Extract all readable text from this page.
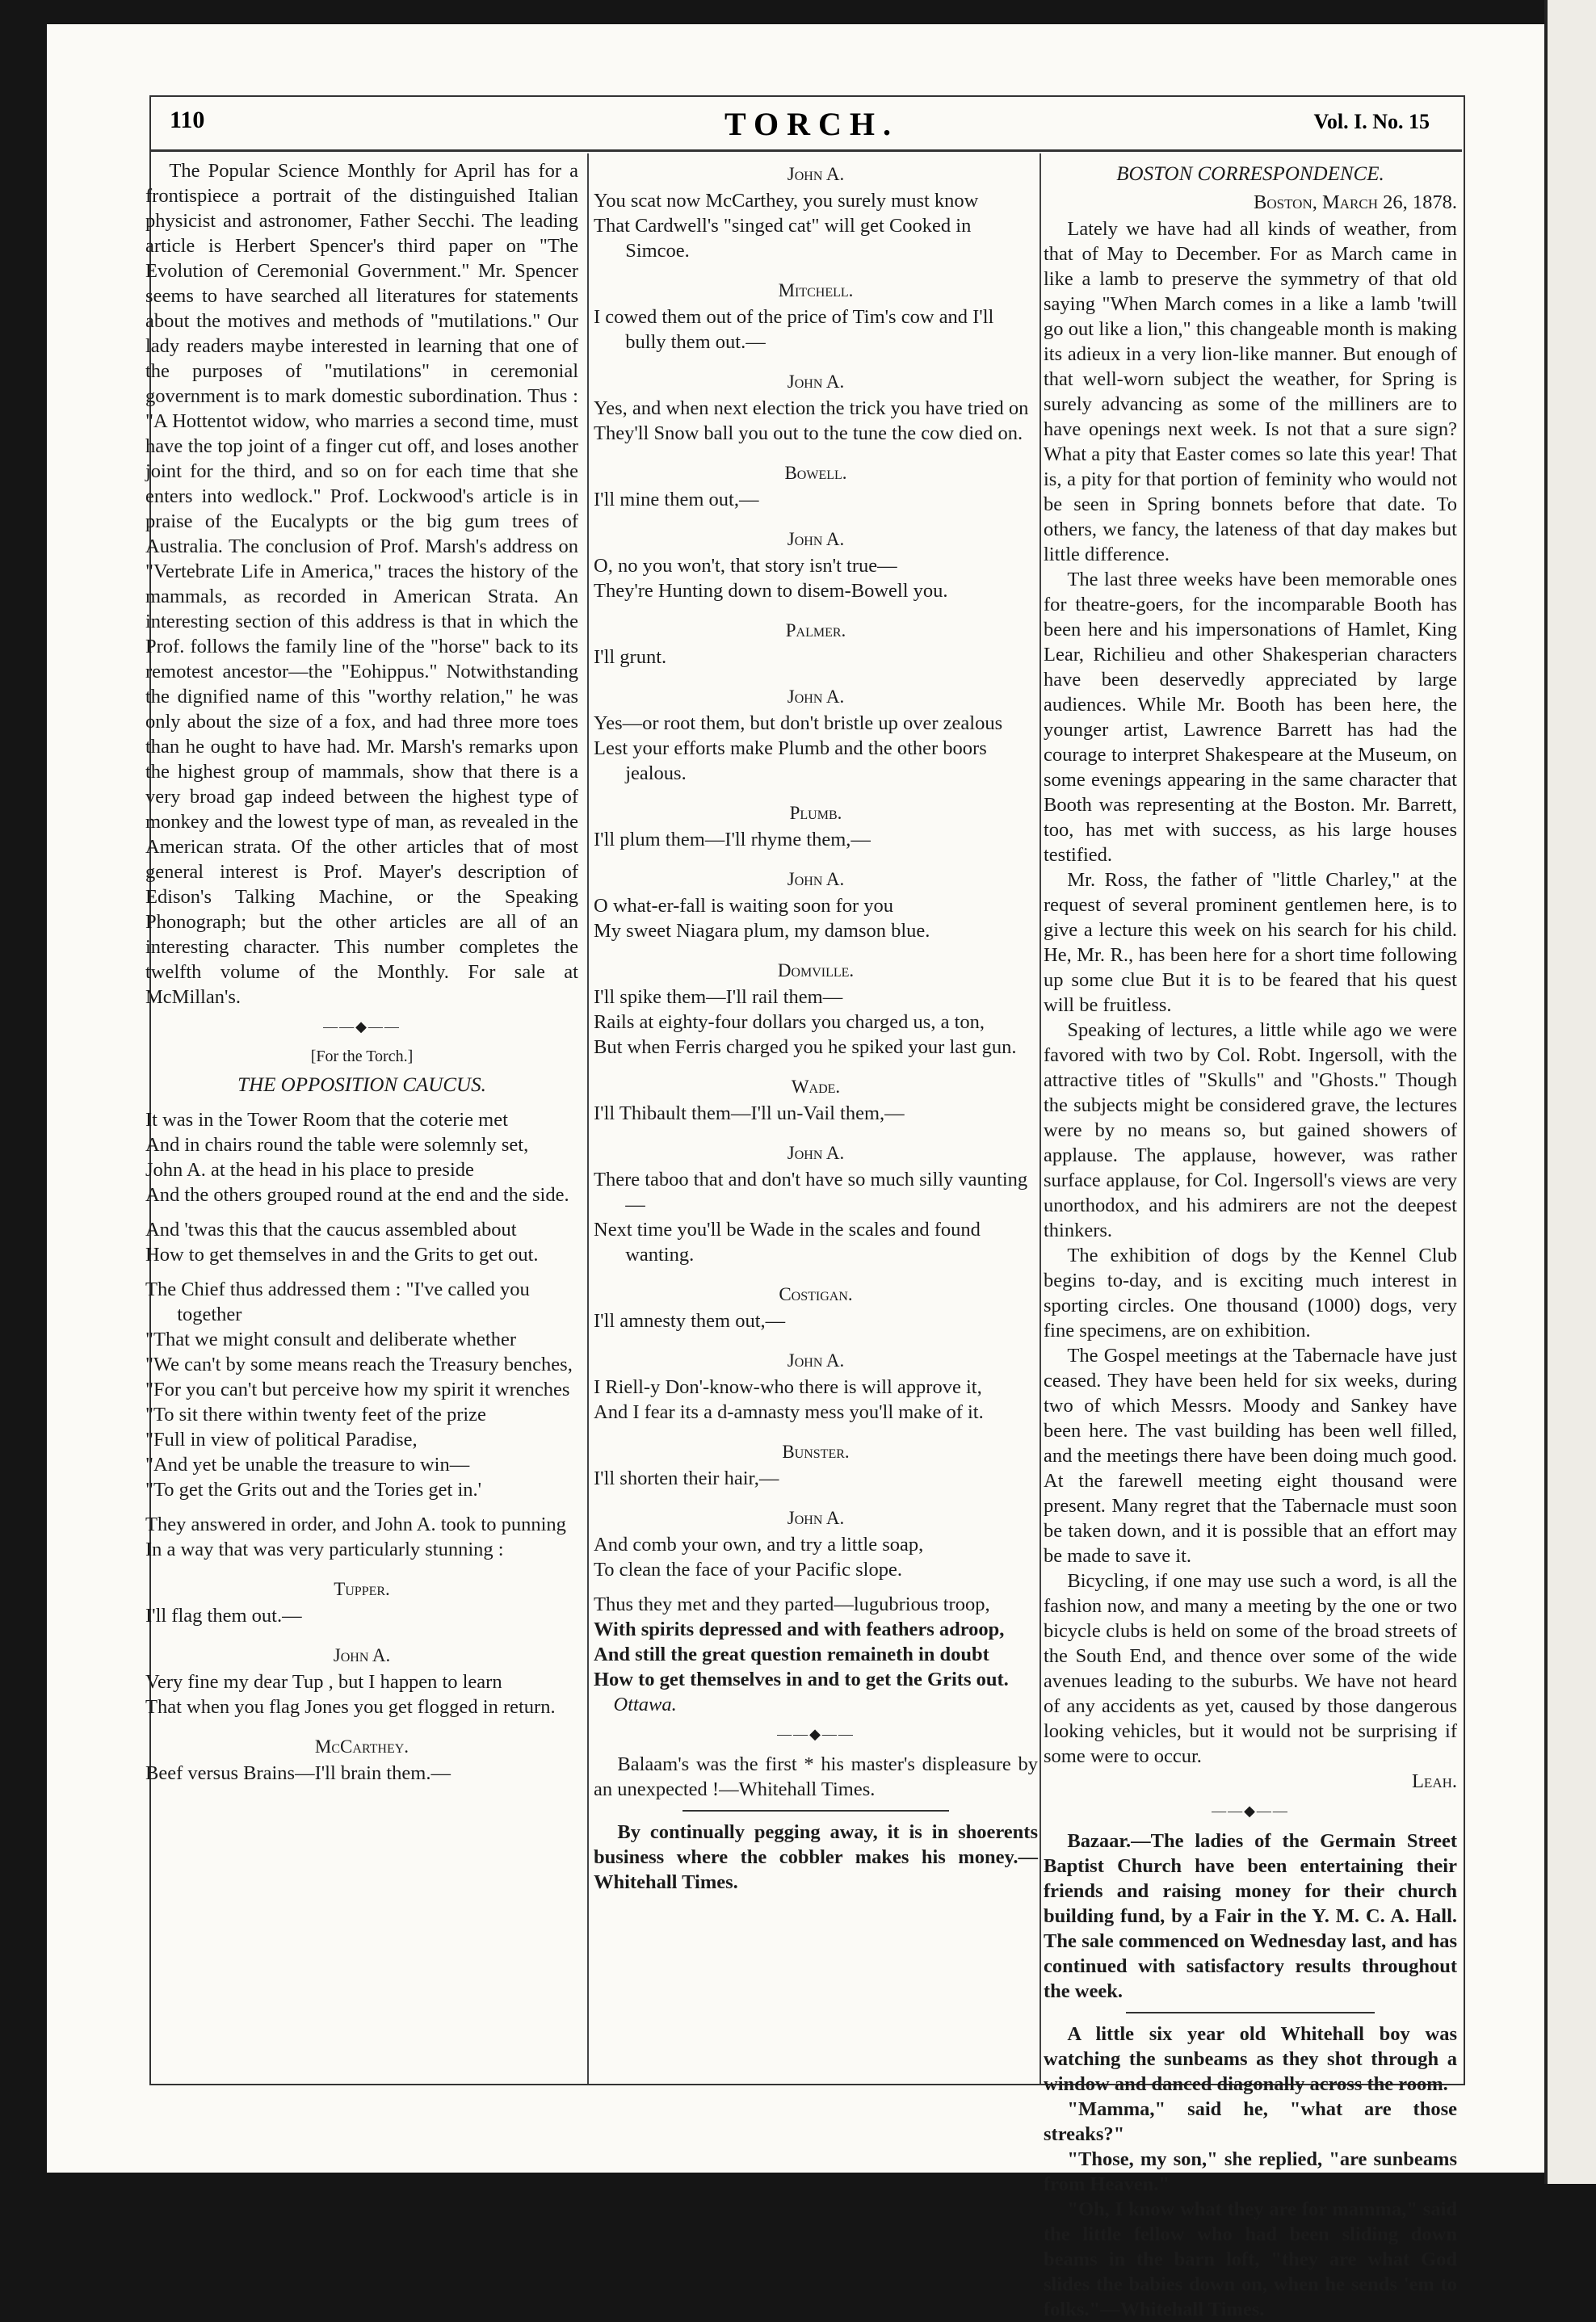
110	TORCH.	Vol. I. No. 15

The Popular Science Monthly for April has for a frontispiece a portrait of the distinguished Italian physicist and astronomer, Father Secchi. The leading article is Herbert Spencer's third paper on "The Evolution of Ceremonial Government." Mr. Spencer seems to have searched all literatures for statements about the motives and methods of "mutilations." Our lady readers maybe interested in learning that one of the purposes of "mutilations" in ceremonial government is to mark domestic subordination. Thus : "A Hottentot widow, who marries a second time, must have the top joint of a finger cut off, and loses another joint for the third, and so on for each time that she enters into wedlock." Prof. Lockwood's article is in praise of the Eucalypts or the big gum trees of Australia. The conclusion of Prof. Marsh's address on "Vertebrate Life in America," traces the history of the mammals, as recorded in American Strata. An interesting section of this address is that in which the Prof. follows the family line of the "horse" back to its remotest ancestor—the "Eohippus." Notwithstanding the dignified name of this "worthy relation," he was only about the size of a fox, and had three more toes than he ought to have had. Mr. Marsh's remarks upon the highest group of mammals, show that there is a very broad gap indeed between the highest type of monkey and the lowest type of man, as revealed in the American strata. Of the other articles that of most general interest is Prof. Mayer's description of Edison's Talking Machine, or the Speaking Phonograph; but the other articles are all of an interesting character. This number completes the twelfth volume of the Monthly. For sale at McMillan's.

——◆——
[For the Torch.]
THE OPPOSITION CAUCUS.

It was in the Tower Room that the coterie met

And in chairs round the table were solemnly set,

John A. at the head in his place to preside

And the others grouped round at the end and the side.

And 'twas this that the caucus assembled about

How to get themselves in and the Grits to get out.

The Chief thus addressed them : "I've called you together

"That we might consult and deliberate whether

"We can't by some means reach the Treasury benches,

"For you can't but perceive how my spirit it wrenches

"To sit there within twenty feet of the prize

"Full in view of political Paradise,

"And yet be unable the treasure to win—

"To get the Grits out and the Tories get in.'

They answered in order, and John A. took to punning

In a way that was very particularly stunning :

Tupper.

I'll flag them out.—

John A.

Very fine my dear Tup , but I happen to learn

That when you flag Jones you get flogged in return.

McCarthey.

Beef versus Brains—I'll brain them.—

John A.

You scat now McCarthey, you surely must know

That Cardwell's "singed cat" will get Cooked in Simcoe.

Mitchell.

I cowed them out of the price of Tim's cow and I'll bully them out.—

John A.

Yes, and when next election the trick you have tried on

They'll Snow ball you out to the tune the cow died on.

Bowell.

I'll mine them out,—

John A.

O, no you won't, that story isn't true—

They're Hunting down to disem-Bowell you.

Palmer.

I'll grunt.

John A.

Yes—or root them, but don't bristle up over zealous

Lest your efforts make Plumb and the other boors jealous.

Plumb.

I'll plum them—I'll rhyme them,—

John A.

O what-er-fall is waiting soon for you

My sweet Niagara plum, my damson blue.

Domville.

I'll spike them—I'll rail them—

Rails at eighty-four dollars you charged us, a ton,

But when Ferris charged you he spiked your last gun.

Wade.

I'll Thibault them—I'll un-Vail them,—

John A.

There taboo that and don't have so much silly vaunting—

Next time you'll be Wade in the scales and found wanting.

Costigan.

I'll amnesty them out,—

John A.

I Riell-y Don'-know-who there is will approve it,

And I fear its a d-amnasty mess you'll make of it.

Bunster.

I'll shorten their hair,—

John A.

And comb your own, and try a little soap,

To clean the face of your Pacific slope.

Thus they met and they parted—lugubrious troop,

With spirits depressed and with feathers adroop,

And still the great question remaineth in doubt

How to get themselves in and to get the Grits out.

Ottawa.

——◆——

Balaam's was the first * his master's displeasure by an unexpected !—Whitehall Times.

By continually pegging away, it is in shoerents business where the cobbler makes his money.—Whitehall Times.

BOSTON CORRESPONDENCE.
Boston, March 26, 1878.

Lately we have had all kinds of weather, from that of May to December. For as March came in like a lamb to preserve the symmetry of that old saying "When March comes in a like a lamb 'twill go out like a lion," this changeable month is making its adieux in a very lion-like manner. But enough of that well-worn subject the weather, for Spring is surely advancing as some of the milliners are to have openings next week. Is not that a sure sign? What a pity that Easter comes so late this year! That is, a pity for that portion of feminity who would not be seen in Spring bonnets before that date. To others, we fancy, the lateness of that day makes but little difference.

The last three weeks have been memorable ones for theatre-goers, for the incomparable Booth has been here and his impersonations of Hamlet, King Lear, Richilieu and other Shakesperian characters have been deservedly appreciated by large audiences. While Mr. Booth has been here, the younger artist, Lawrence Barrett has had the courage to interpret Shakespeare at the Museum, on some evenings appearing in the same character that Booth was representing at the Boston. Mr. Barrett, too, has met with success, as his large houses testified.

Mr. Ross, the father of "little Charley," at the request of several prominent gentlemen here, is to give a lecture this week on his search for his child. He, Mr. R., has been here for a short time following up some clue But it is to be feared that his quest will be fruitless.

Speaking of lectures, a little while ago we were favored with two by Col. Robt. Ingersoll, with the attractive titles of "Skulls" and "Ghosts." Though the subjects might be considered grave, the lectures were by no means so, but gained showers of applause. The applause, however, was rather surface applause, for Col. Ingersoll's views are very unorthodox, and his admirers are not the deepest thinkers.

The exhibition of dogs by the Kennel Club begins to-day, and is exciting much interest in sporting circles. One thousand (1000) dogs, very fine specimens, are on exhibition.

The Gospel meetings at the Tabernacle have just ceased. They have been held for six weeks, during two of which Messrs. Moody and Sankey have been here. The vast building has been well filled, and the meetings there have been doing much good. At the farewell meeting eight thousand were present. Many regret that the Tabernacle must soon be taken down, and it is possible that an effort may be made to save it.

Bicycling, if one may use such a word, is all the fashion now, and many a meeting by the one or two bicycle clubs is held on some of the broad streets of the South End, and thence over some of the wide avenues leading to the suburbs. We have not heard of any accidents as yet, caused by those dangerous looking vehicles, but it would not be surprising if some were to occur.

Leah.
——◆——

Bazaar.—The ladies of the Germain Street Baptist Church have been entertaining their friends and raising money for their church building fund, by a Fair in the Y. M. C. A. Hall. The sale commenced on Wednesday last, and has continued with satisfactory results throughout the week.

A little six year old Whitehall boy was watching the sunbeams as they shot through a window and danced diagonally across the room.

"Mamma," said he, "what are those streaks?"

"Those, my son," she replied, "are sunbeams from Heaven."

"Oh, I know what they are for mamma," said the little fellow who had been sliding down beams in the barn loft, "they are what God slides the babies down on, when he sends 'em to folks."—Whitehall Times.
